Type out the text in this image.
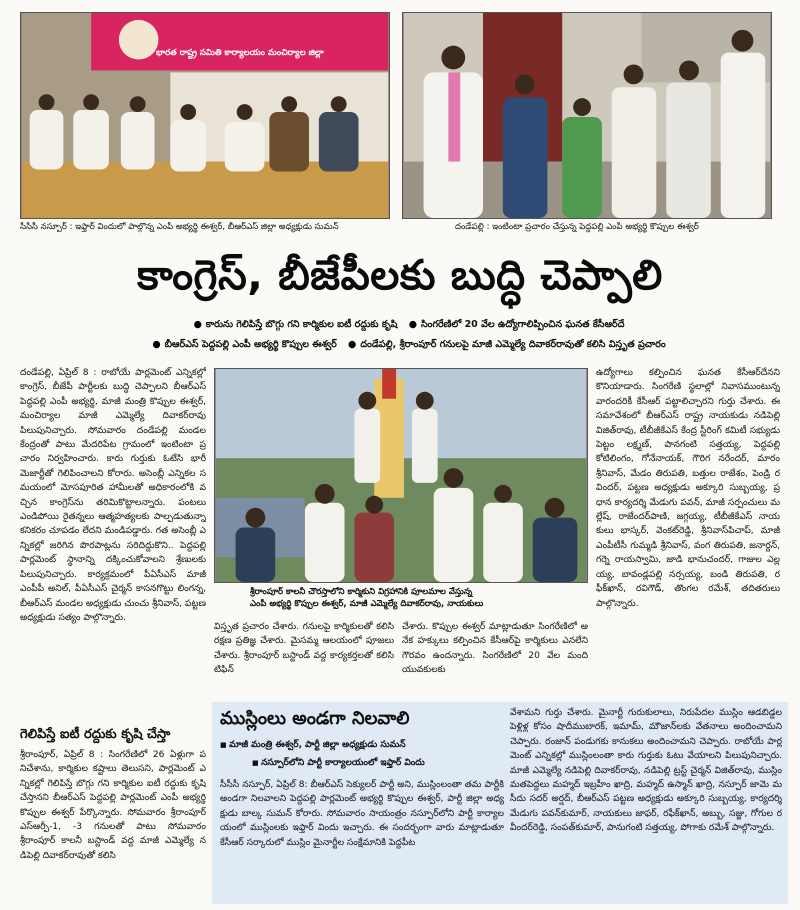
భారత రాష్ట్ర సమితి కార్యాలయం మంచిర్యాల జిల్లా
సీసీసీ నస్పూర్ : ఇఫ్తార్ విందులో పాల్గొన్న ఎంపీ అభ్యర్థి ఈశ్వర్, బీఆర్ఎస్ జిల్లా అధ్యక్షుడు సుమన్	దండేపల్లి : ఇంటింటా ప్రచారం చేస్తున్న పెద్దపల్లి ఎంపీ అభ్యర్థి కొప్పుల ఈశ్వర్
కాంగ్రెస్, బీజేపీలకు బుద్ధి చెప్పాలి
● కారును గెలిపిస్తే బొగ్గు గని కార్మికుల ఐటీ రద్దుకు కృషి ● సింగరేణిలో 20 వేల ఉద్యోగాలిప్పించిన ఘనత కేసీఆర్‌దే
● బీఆర్ఎస్ పెద్దపల్లి ఎంపీ అభ్యర్థి కొప్పుల ఈశ్వర్ ● దండేపల్లి, శ్రీరాంపూర్ గనులపై మాజీ ఎమ్మెల్యే దివాకర్‌రావుతో కలిసి విస్తృత ప్రచారం
దండేపల్లి, ఏప్రిల్ 8 : రాబోయే పార్లమెంట్ ఎన్నికల్లో కాంగ్రెస్, బీజేపీ పార్టీలకు బుద్ధి చెప్పాలని బీఆర్ఎస్ పెద్దపల్లి ఎంపీ అభ్యర్థి, మాజీ మంత్రి కొప్పుల ఈశ్వర్, మంచిర్యాల మాజీ ఎమ్మెల్యే దివాకర్‌రావు పిలుపునిచ్చారు. సోమవారం దండేపల్లి మండల కేంద్రంతో పాటు మేదరిపేట గ్రామంలో ఇంటింటా ప్రచారం నిర్వహించారు. కారు గుర్తుకు ఓటేసి భారీ మెజార్టీతో గెలిపించాలని కోరారు. అసెంబ్లీ ఎన్నికల సమయంలో మోసపూరిత హామీలతో అధికారంలోకి వచ్చిన కాంగ్రెస్‌ను తరిమికొట్టాలన్నారు. పంటలు ఎండిపోయి రైతన్నలు ఆత్మహత్యలకు పాల్పడుతున్నా కనికరం చూపడం లేదని మండిపడ్డారు. గత అసెంబ్లీ ఎన్నికల్లో జరిగిన పొరపాట్లను సరిదిద్దుకొని.. పెద్దపల్లి పార్లమెంట్ స్థానాన్ని దక్కించుకోవాలని శ్రేణులకు పిలుపునిచ్చారు. కార్యక్రమంలో పీఏసీఎస్ మాజీ ఎంపీపీ అనిల్, పీఏసీఎస్ చైర్మన్ కాసనగొట్టు లింగన్న, బీఆర్ఎస్ మండల అధ్యక్షుడు చుంచు శ్రీనివాస్, పట్టణ అధ్యక్షుడు సత్యం పాల్గొన్నారు.
గెలిపిస్తే ఐటీ రద్దుకు కృషి చేస్తా
శ్రీరాంపూర్, ఏప్రిల్ 8 : సింగరేణిలో 26 ఏళ్లుగా పనిచేశాను, కార్మికుల కష్టాలు తెలుసని, పార్లమెంట్ ఎన్నికల్లో గెలిపిస్తే బొగ్గు గని కార్మికుల ఐటీ రద్దుకు కృషి చేస్తానని బీఆర్ఎస్ పెద్దపల్లి పార్లమెంట్ ఎంపీ అభ్యర్థి కొప్పుల ఈశ్వర్ పేర్కొన్నారు. సోమవారం శ్రీరాంపూర్ ఎస్ఆర్పీ-1, -3 గనులతో పాటు సోమవారం శ్రీరాంపూర్ కాలనీ బస్టాండ్ వద్ద మాజీ ఎమ్మెల్యే నడిపెల్లి దివాకర్‌రావుతో కలిసి
శ్రీరాంపూర్ కాలనీ చౌరస్తాలోని కార్మికుని విగ్రహానికి పూలమాల వేస్తున్న
ఎంపీ అభ్యర్థి కొప్పుల ఈశ్వర్, మాజీ ఎమ్మెల్యే దివాకర్‌రావు, నాయకులు
విస్తృత ప్రచారం చేశారు. గనులపై కార్మికులతో కలిసి రక్షణ ప్రతిజ్ఞ చేశారు. మైసమ్మ ఆలయంలో పూజలు చేశారు. శ్రీరాంపూర్ బస్టాండ్ వద్ద కార్యకర్తలతో కలిసి టిఫిన్
చేశారు. కొప్పుల ఈశ్వర్ మాట్లాడుతూ సింగరేణిలో అనేక హక్కులు కల్పించిన కేసీఆర్‌పై కార్మికులు ఎనలేని గౌరవం ఉందన్నారు. సింగరేణిలో 20 వేల మంది యువకులకు
ఉద్యోగాలు కల్పించిన ఘనత కేసీఆర్‌దేనని కొనియాడారు. సింగరేణి స్థలాల్లో నివాసముంటున్న వారందరికీ కేసీఆర్ పట్టాలిచ్చారని గుర్తు చేశారు. ఈ సమావేశంలో బీఆర్ఎస్ రాష్ట్ర నాయకుడు నడిపెల్లి విజిత్‌రావు, టీబీజీకేఎస్ కేంద్ర స్టీరింగ్ కమిటీ సభ్యుడు పెట్టం లక్ష్మణ్, పానగంటి సత్తయ్య, పెద్దపల్లి కోటిలింగం, గోనేనాయక్, గౌరిగ నరేందర్, మారం శ్రీనివాస్, మేడం తిరుపతి, బత్తుల రాజేశం, పెండ్రి రవిందర్, పట్టణ అధ్యక్షుడు అక్కూరి సుబ్బయ్య, ప్రధాన కార్యదర్శి మేడుగు పవన్, మాజీ సర్పంచులు మల్లేష్, రాజేందర్‌పాణి, జగ్గయ్య, టీబీజీకేఎస్ నాయకులు భాస్కర్, వెంకట్‌రెడ్డి, శ్రీనివాస్‌పిచాప్, మాజీ ఎంపీటీసీ గుమ్మడి శ్రీనివాస్, వంగ తిరుపతి, జనార్దన్, గర్నె రాయస్వామి, జాడి భానుచందర్, గాజుల ఎల్లయ్య, బావండ్లపల్లి నర్సయ్య, బండి తిరుపతి, రఫీక్‌ఖాన్, రవిగౌడ్, తొంగల రమేశ్, తదితరులు పాల్గొన్నారు.
ముస్లింలు అండగా నిలవాలి
■ మాజీ మంత్రి ఈశ్వర్, పార్టీ జిల్లా అధ్యక్షుడు సుమన్
■ నస్పూర్‌లోని పార్టీ కార్యాలయంలో ఇఫ్తార్ విందు
సీసీసీ నస్పూర్, ఏప్రిల్ 8: బీఆర్ఎస్ సెక్యులర్ పార్టీ అని, ముస్లింలంతా తమ పార్టీకి అండగా నిలవాలని పెద్దపల్లి పార్లమెంట్ అభ్యర్థి కొప్పుల ఈశ్వర్, పార్టీ జిల్లా అధ్యక్షుడు బాల్క సుమన్ కోరారు. సోమవారం సాయంత్రం నస్పూర్‌లోని పార్టీ కార్యాలయంలో ముస్లింలకు ఇఫ్తార్ విందు ఇచ్చారు. ఈ సందర్భంగా వారు మాట్లాడుతూ కేసీఆర్ సర్కారులో ముస్లిం మైనార్టీల సంక్షేమానికి పెద్దపీట
వేశామని గుర్తు చేశారు. మైనార్టీ గురుకులాలు, నిరుపేదల ముస్లిం ఆడబిడ్డల పెళ్లిళ్ల కోసం షాదీముబారక్, ఇమామ్, మౌజాన్‌లకు వేతనాలు అందించామని చెప్పారు. రంజాన్ పండుగకు కానుకలు అందించామని చెప్పారు. రాబోయే పార్లమెంట్ ఎన్నికల్లో ముస్లింలంతా కారు గుర్తుకు ఓటు వేయాలని పిలుపునిచ్చారు. మాజీ ఎమ్మెల్యే నడిపెల్లి దివాకర్‌రావు, నడిపెల్లి ట్రస్ట్ చైర్మన్ విజిత్‌రావు, ముస్లిం మతపెద్దలు మహ్మద్ ఇబ్రహీం ఖాద్రి, మహ్మద్ ఉస్మాన్ ఖాద్రి, నస్పూర్ జామె మసీదు సదర్ అర్షద్, బీఆర్ఎస్ పట్టణ అధ్యక్షుడు అక్కూరి సుబ్బయ్య, కార్యదర్శి మేడుగు పవన్‌కుమార్, నాయకులు జాఫర్, రఫీక్‌ఖాన్, అబ్బు, సజ్జు, గోగుల రవీందర్‌రెడ్డి, సంపత్‌కుమార్, పానుగంటి సత్తయ్య, పోగాకు రమేశ్ పాల్గొన్నారు.
